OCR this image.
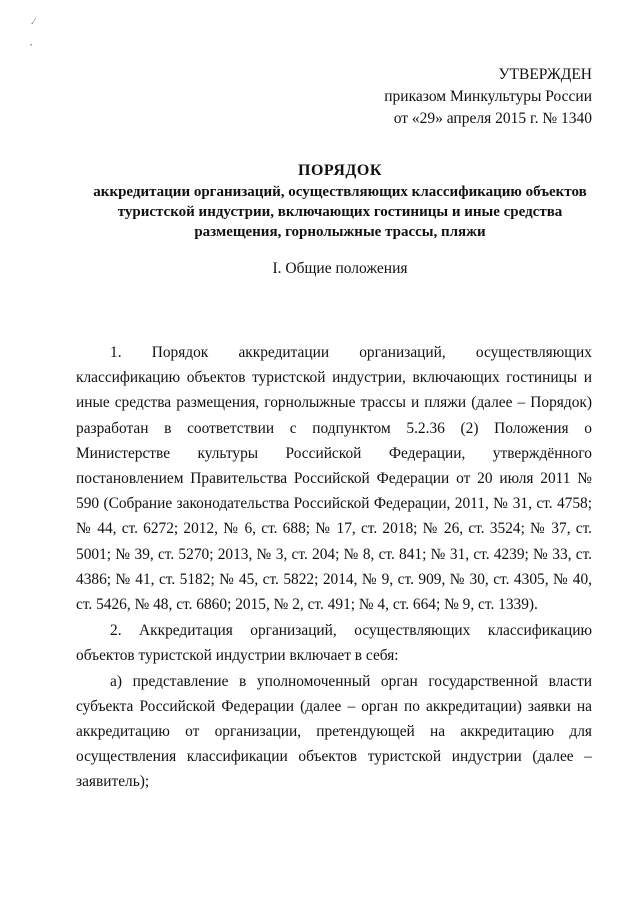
.⁄
•
УТВЕРЖДЕН
приказом Минкультуры России
от «29» апреля 2015 г. № 1340
ПОРЯДОК
аккредитации организаций, осуществляющих классификацию объектов
туристской индустрии, включающих гостиницы и иные средства
размещения, горнолыжные трассы, пляжи
I. Общие положения

1. Порядок аккредитации организаций, осуществляющих классификацию объектов туристской индустрии, включающих гостиницы и иные средства размещения, горнолыжные трассы и пляжи (далее – Порядок) разработан в соответствии с подпунктом 5.2.36 (2) Положения о Министерстве культуры Российской Федерации, утверждённого постановлением Правительства Российской Федерации от 20 июля 2011 № 590 (Собрание законодательства Российской Федерации, 2011, № 31, ст. 4758; № 44, ст. 6272; 2012, № 6, ст. 688; № 17, ст. 2018; № 26, ст. 3524; № 37, ст. 5001; № 39, ст. 5270; 2013, № 3, ст. 204; № 8, ст. 841; № 31, ст. 4239; № 33, ст. 4386; № 41, ст. 5182; № 45, ст. 5822; 2014, № 9, ст. 909, № 30, ст. 4305, № 40, ст. 5426, № 48, ст. 6860; 2015, № 2, ст. 491; № 4, ст. 664; № 9, ст. 1339).

2. Аккредитация организаций, осуществляющих классификацию объектов туристской индустрии включает в себя:

а) представление в уполномоченный орган государственной власти субъекта Российской Федерации (далее – орган по аккредитации) заявки на аккредитацию от организации, претендующей на аккредитацию для осуществления классификации объектов туристской индустрии (далее – заявитель);
